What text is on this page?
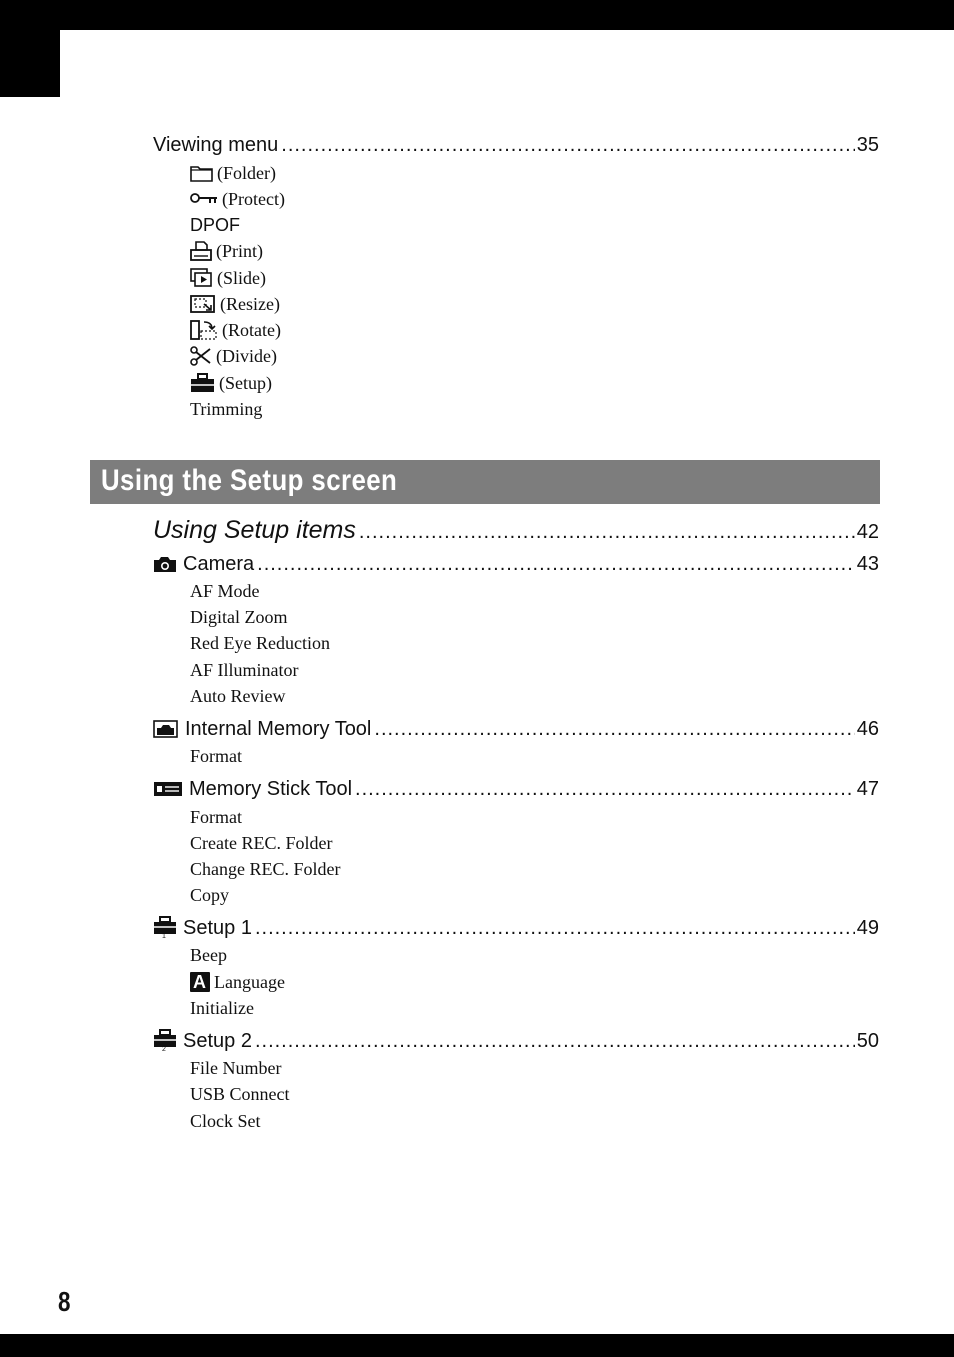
Viewing menu .....	35
(Folder)
(Protect)
DPOF
(Print)
(Slide)
(Resize)
(Rotate)
(Divide)
(Setup)
Trimming
Using the Setup screen
Using Setup items .....	42
Camera .....	43
AF Mode
Digital Zoom
Red Eye Reduction
AF Illuminator
Auto Review
Internal Memory Tool .....	46
Format
Memory Stick Tool .....	47
Format
Create REC. Folder
Change REC. Folder
Copy
1 Setup 1 .....	49
Beep
A Language
Initialize
2 Setup 2 .....	50
File Number
USB Connect
Clock Set
8
